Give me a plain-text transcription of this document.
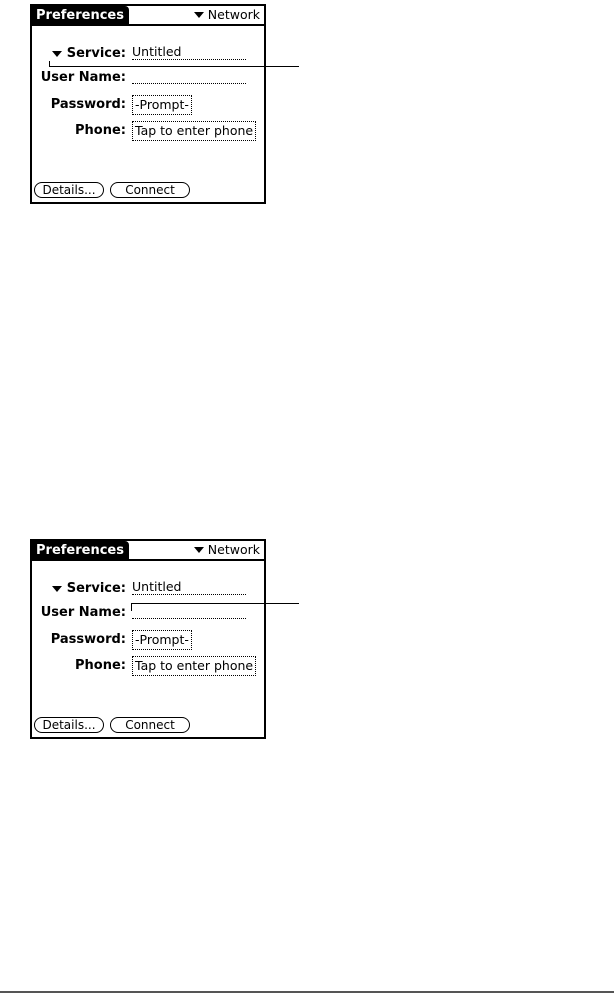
Preferences	Network
Service: Untitled
User Name:
Password: -Prompt-
Phone: Tap to enter phone
Details...	Connect
Preferences	Network
Service: Untitled
User Name:
Password: -Prompt-
Phone: Tap to enter phone
Details...	Connect
